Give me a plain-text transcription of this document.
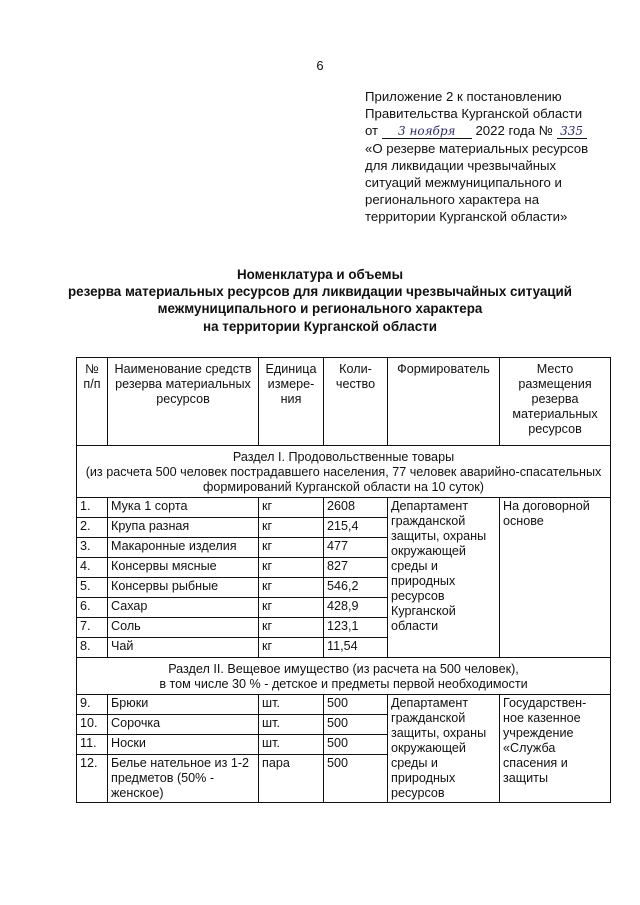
6
Приложение 2 к постановлению
Правительства Курганской области
от 3 ноября 2022 года № 335
«О резерве материальных ресурсов
для ликвидации чрезвычайных
ситуаций межмуниципального и
регионального характера на
территории Курганской области»
Номенклатура и объемы
резерва материальных ресурсов для ликвидации чрезвычайных ситуаций
межмуниципального и регионального характера
на территории Курганской области
№ п/п	Наименование средств резерва материальных ресурсов	Единица измере-ния	Коли-чество	Формирователь	Место размещения резерва материальных ресурсов

Раздел I. Продовольственные товары
(из расчета 500 человек пострадавшего населения, 77 человек аварийно-спасательных формирований Курганской области на 10 суток)					

1.	Мука 1 сорта	кг	2608	Департамент гражданской защиты, охраны окружающей среды и природных ресурсов Курганской области	На договорной основе
2.	Крупа разная	кг	215,4		
3.	Макаронные изделия	кг	477		
4.	Консервы мясные	кг	827		
5.	Консервы рыбные	кг	546,2		
6.	Сахар	кг	428,9		
7.	Соль	кг	123,1		
8.	Чай	кг	11,54		

Раздел II. Вещевое имущество (из расчета на 500 человек),
в том числе 30 % - детское и предметы первой необходимости					

9.	Брюки	шт.	500	Департамент гражданской защиты, охраны окружающей среды и природных ресурсов	Государствен-ное казенное учреждение «Служба спасения и защиты
10.	Сорочка	шт.	500		
11.	Носки	шт.	500		
12.	Белье нательное из 1-2 предметов (50% - женское)	пара	500		
